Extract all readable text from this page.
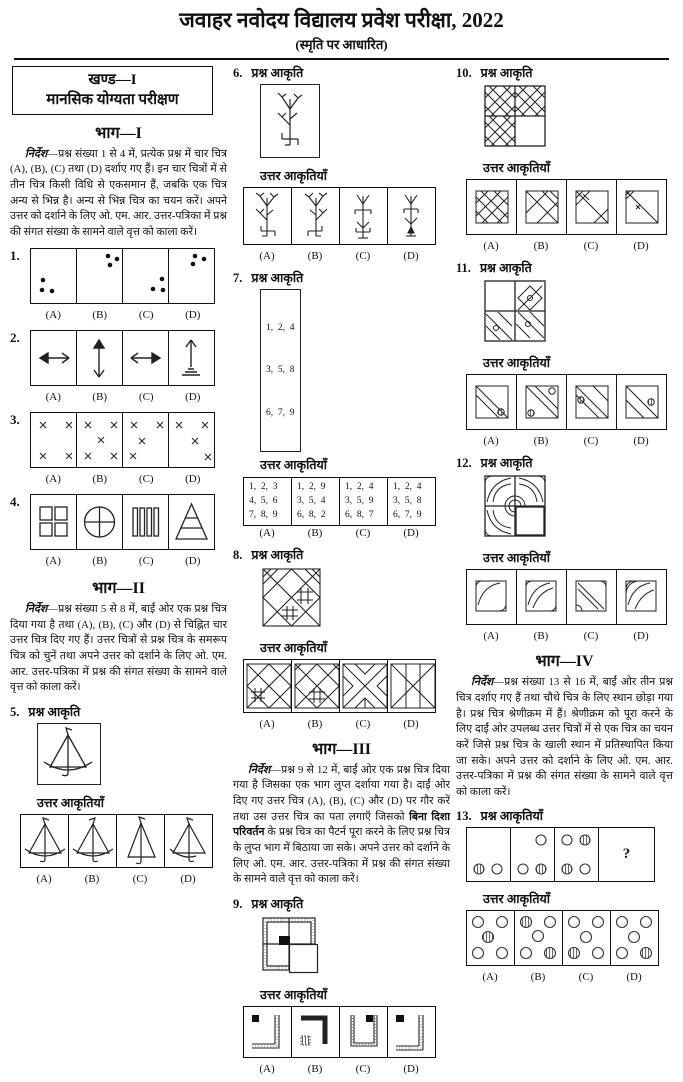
जवाहर नवोदय विद्यालय प्रवेश परीक्षा, 2022
(स्मृति पर आधारित)
खण्ड—I
मानसिक योग्यता परीक्षण
भाग—I

निर्देश—प्रश्न संख्या 1 से 4 में, प्रत्येक प्रश्न में चार चित्र (A), (B), (C) तथा (D) दर्शाए गए हैं। इन चार चित्रों में से तीन चित्र किसी विधि से एकसमान हैं, जबकि एक चित्र अन्य से भिन्न है। अन्य से भिन्न चित्र का चयन करें। अपने उत्तर को दर्शाने के लिए ओ. एम. आर. उत्तर-पत्रिका में प्रश्न की संगत संख्या के सामने वाले वृत्त को काला करें।

1.
(A)	(B)	(C)	(D)
2.
(A)	(B)	(C)	(D)
3.
(A)	(B)	(C)	(D)
4.
(A)	(B)	(C)	(D)
भाग—II

निर्देश—प्रश्न संख्या 5 से 8 में, बाईं ओर एक प्रश्न चित्र दिया गया है तथा (A), (B), (C) और (D) से चिह्नित चार उत्तर चित्र दिए गए हैं। उत्तर चित्रों से प्रश्न चित्र के समरूप चित्र को चुनें तथा अपने उत्तर को दर्शाने के लिए ओ. एम. आर. उत्तर-पत्रिका में प्रश्न की संगत संख्या के सामने वाले वृत्त को काला करें।

5. प्रश्न आकृति
उत्तर आकृतियाँ
(A)	(B)	(C)	(D)
6. प्रश्न आकृति
उत्तर आकृतियाँ
(A)	(B)	(C)	(D)
7. प्रश्न आकृति

1,  2,  4

3,  5,  8

6,  7,  9

उत्तर आकृतियाँ
1,  2,  3
4,  5,  6
7,  8,  9
1,  2,  9
3,  5,  4
6,  8,  2
1,  2,  4
3,  5,  9
6,  8,  7
1,  2,  4
3,  5,  8
6,  7,  9
(A)	(B)	(C)	(D)
8. प्रश्न आकृति
उत्तर आकृतियाँ
(A)	(B)	(C)	(D)
भाग—III

निर्देश—प्रश्न 9 से 12 में, बाईं ओर एक प्रश्न चित्र दिया गया है जिसका एक भाग लुप्त दर्शाया गया है। दाईं ओर दिए गए उत्तर चित्र (A), (B), (C) और (D) पर गौर करें तथा उस उत्तर चित्र का पता लगाएँ जिसको बिना दिशा परिवर्तन के प्रश्न चित्र का पैटर्न पूरा करने के लिए प्रश्न चित्र के लुप्त भाग में बिठाया जा सके। अपने उत्तर को दर्शाने के लिए ओ. एम. आर. उत्तर-पत्रिका में प्रश्न की संगत संख्या के सामने वाले वृत्त को काला करें।

9. प्रश्न आकृति
उत्तर आकृतियाँ
(A)	(B)	(C)	(D)
10. प्रश्न आकृति
उत्तर आकृतियाँ
(A)	(B)	(C)	(D)
11. प्रश्न आकृति
उत्तर आकृतियाँ
(A)	(B)	(C)	(D)
12. प्रश्न आकृति
उत्तर आकृतियाँ
(A)	(B)	(C)	(D)
भाग—IV

निर्देश—प्रश्न संख्या 13 से 16 में, बाईं ओर तीन प्रश्न चित्र दर्शाए गए हैं तथा चौथे चित्र के लिए स्थान छोड़ा गया है। प्रश्न चित्र श्रेणीक्रम में हैं। श्रेणीक्रम को पूरा करने के लिए दाईं ओर उपलब्ध उत्तर चित्रों में से एक चित्र का चयन करें जिसे प्रश्न चित्र के खाली स्थान में प्रतिस्थापित किया जा सके। अपने उत्तर को दर्शाने के लिए ओ. एम. आर. उत्तर-पत्रिका में प्रश्न की संगत संख्या के सामने वाले वृत्त को काला करें।

13. प्रश्न आकृतियाँ
?
उत्तर आकृतियाँ
(A)	(B)	(C)	(D)
